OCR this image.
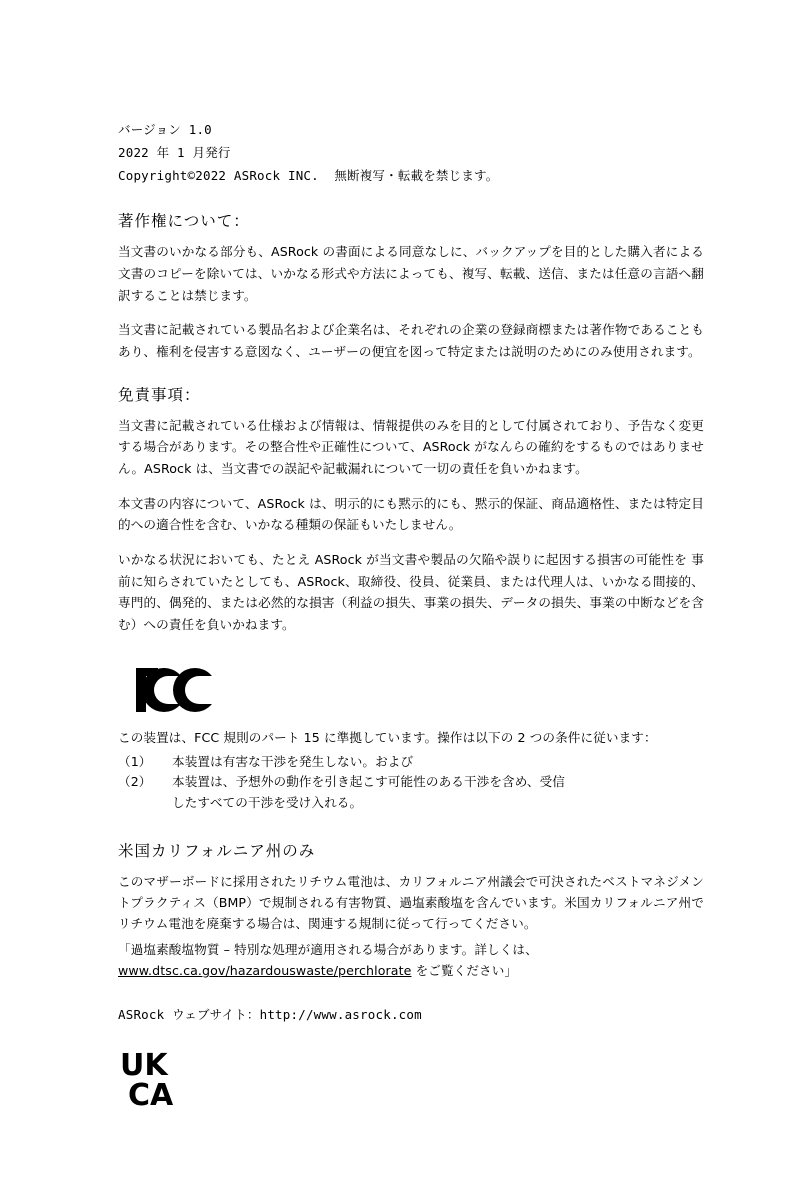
バージョン 1.0
2022 年 1 月発行
Copyright©2022 ASRock INC.  無断複写・転載を禁じます。
著作権について：

当文書のいかなる部分も、ASRock の書面による同意なしに、バックアップを目的とした購入者による文書のコピーを除いては、いかなる形式や方法によっても、複写、転載、送信、または任意の言語へ翻訳することは禁じます。

当文書に記載されている製品名および企業名は、それぞれの企業の登録商標または著作物であることもあり、権利を侵害する意図なく、ユーザーの便宜を図って特定または説明のためにのみ使用されます。

免責事項：

当文書に記載されている仕様および情報は、情報提供のみを目的として付属されており、予告なく変更する場合があります。その整合性や正確性について、ASRock がなんらの確約をするものではありません。ASRock は、当文書での誤記や記載漏れについて一切の責任を負いかねます。

本文書の内容について、ASRock は、明示的にも黙示的にも、黙示的保証、商品適格性、または特定目的への適合性を含む、いかなる種類の保証もいたしません。

いかなる状況においても、たとえ ASRock が当文書や製品の欠陥や誤りに起因する損害の可能性を 事前に知らされていたとしても、ASRock、取締役、役員、従業員、または代理人は、いかなる間接的、専門的、偶発的、または必然的な損害（利益の損失、事業の損失、データの損失、事業の中断などを含む）への責任を負いかねます。

この装置は、FCC 規則のパート 15 に準拠しています。操作は以下の 2 つの条件に従います：
（1）	本装置は有害な干渉を発生しない。および
（2）	本装置は、予想外の動作を引き起こす可能性のある干渉を含め、受信
したすべての干渉を受け入れる。
米国カリフォルニア州のみ
このマザーボードに採用されたリチウム電池は、カリフォルニア州議会で可決されたベストマネジメントプラクティス（BMP）で規制される有害物質、過塩素酸塩を含んでいます。米国カリフォルニア州でリチウム電池を廃棄する場合は、関連する規制に従って行ってください。
「過塩素酸塩物質 – 特別な処理が適用される場合があります。詳しくは、
www.dtsc.ca.gov/hazardouswaste/perchlorate をご覧ください」
ASRock ウェブサイト：http://www.asrock.com
UK
CA
